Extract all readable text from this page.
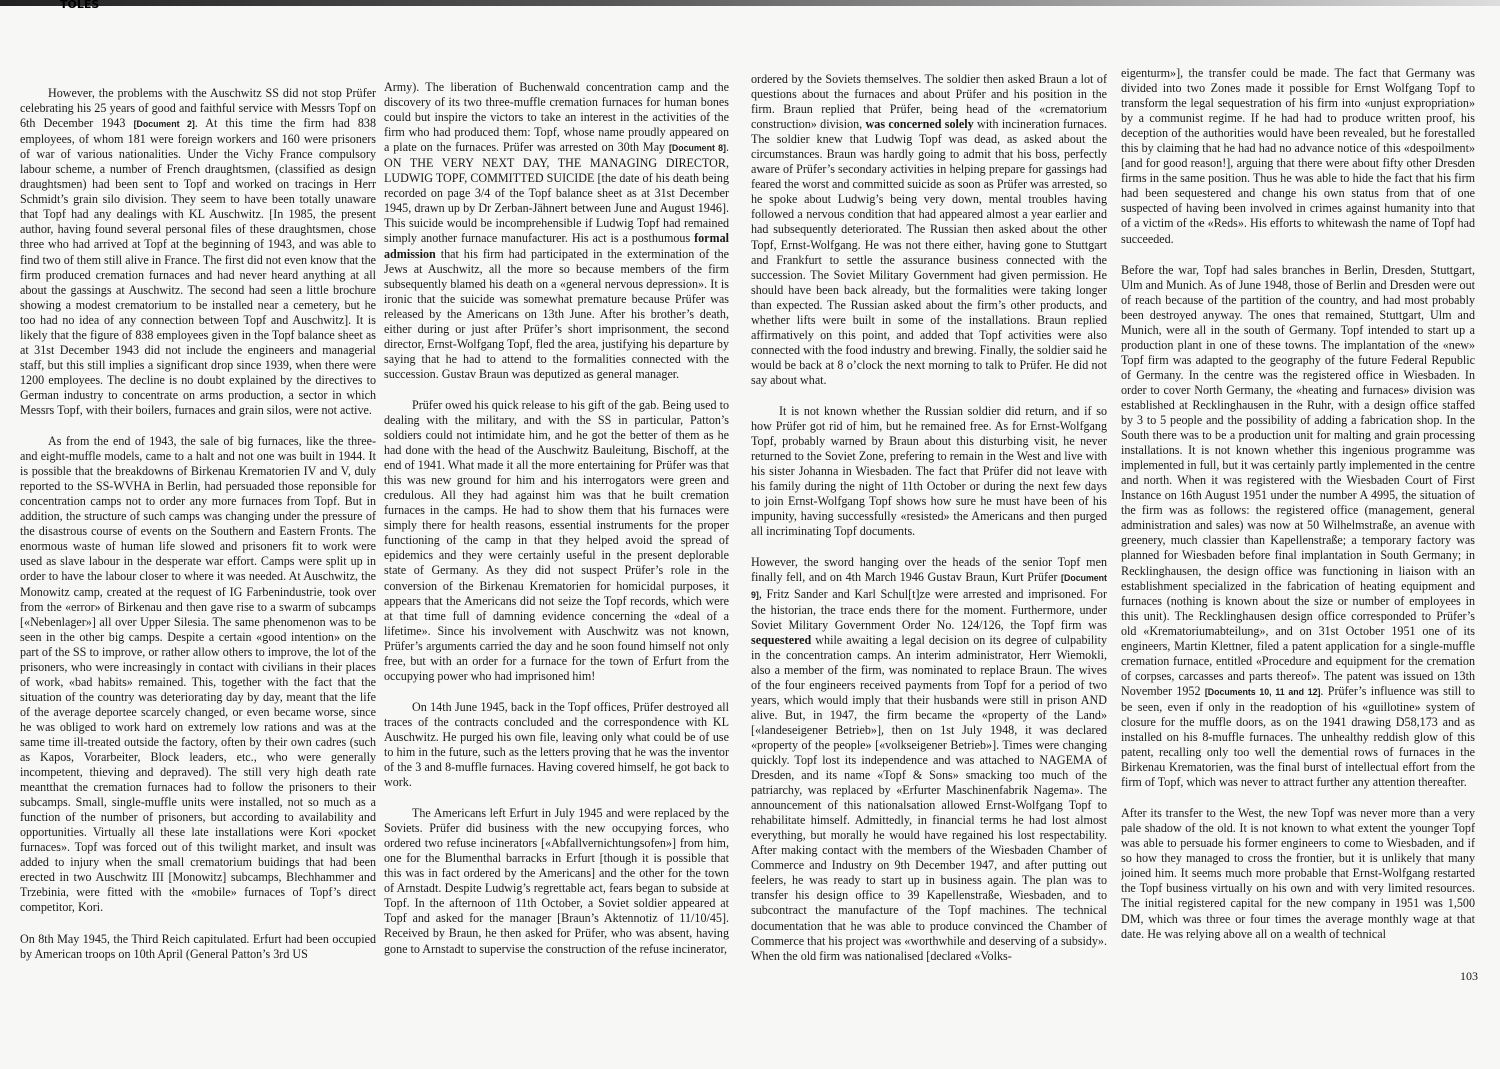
TOLES

However, the problems with the Auschwitz SS did not stop Prüfer celebrating his 25 years of good and faithful service with Messrs Topf on 6th December 1943 [Document 2]. At this time the firm had 838 employees, of whom 181 were foreign workers and 160 were prisoners of war of various nationalities. Under the Vichy France compulsory labour scheme, a number of French draughtsmen, (classified as design draughtsmen) had been sent to Topf and worked on tracings in Herr Schmidt’s grain silo division. They seem to have been totally unaware that Topf had any dealings with KL Auschwitz. [In 1985, the present author, having found several personal files of these draughtsmen, chose three who had arrived at Topf at the beginning of 1943, and was able to find two of them still alive in France. The first did not even know that the firm produced cremation furnaces and had never heard anything at all about the gassings at Auschwitz. The second had seen a little brochure showing a modest crematorium to be installed near a cemetery, but he too had no idea of any connection between Topf and Auschwitz]. It is likely that the figure of 838 employees given in the Topf balance sheet as at 31st December 1943 did not include the engineers and managerial staff, but this still implies a significant drop since 1939, when there were 1200 employees. The decline is no doubt explained by the directives to German industry to concentrate on arms production, a sector in which Messrs Topf, with their boilers, furnaces and grain silos, were not active.

As from the end of 1943, the sale of big furnaces, like the three- and eight-muffle models, came to a halt and not one was built in 1944. It is possible that the breakdowns of Birkenau Krematorien IV and V, duly reported to the SS-WVHA in Berlin, had persuaded those reponsible for concentration camps not to order any more furnaces from Topf. But in addition, the structure of such camps was changing under the pressure of the disastrous course of events on the Southern and Eastern Fronts. The enormous waste of human life slowed and prisoners fit to work were used as slave labour in the desperate war effort. Camps were split up in order to have the labour closer to where it was needed. At Auschwitz, the Monowitz camp, created at the request of IG Farbenindustrie, took over from the «error» of Birkenau and then gave rise to a swarm of subcamps [«Nebenlager»] all over Upper Silesia. The same phenomenon was to be seen in the other big camps. Despite a certain «good intention» on the part of the SS to improve, or rather allow others to improve, the lot of the prisoners, who were increasingly in contact with civilians in their places of work, «bad habits» remained. This, together with the fact that the situation of the country was deteriorating day by day, meant that the life of the average deportee scarcely changed, or even became worse, since he was obliged to work hard on extremely low rations and was at the same time ill-treated outside the factory, often by their own cadres (such as Kapos, Vorarbeiter, Block leaders, etc., who were generally incompetent, thieving and depraved). The still very high death rate meantthat the cremation furnaces had to follow the prisoners to their subcamps. Small, single-muffle units were installed, not so much as a function of the number of prisoners, but according to availability and opportunities. Virtually all these late installations were Kori «pocket furnaces». Topf was forced out of this twilight market, and insult was added to injury when the small crematorium buidings that had been erected in two Auschwitz III [Monowitz] subcamps, Blechhammer and Trzebinia, were fitted with the «mobile» furnaces of Topf’s direct competitor, Kori.

On 8th May 1945, the Third Reich capitulated. Erfurt had been occupied by American troops on 10th April (General Patton’s 3rd US

Army). The liberation of Buchenwald concentration camp and the discovery of its two three-muffle cremation furnaces for human bones could but inspire the victors to take an interest in the activities of the firm who had produced them: Topf, whose name proudly appeared on a plate on the furnaces. Prüfer was arrested on 30th May [Document 8]. ON THE VERY NEXT DAY, THE MANAGING DIRECTOR, LUDWIG TOPF, COMMITTED SUICIDE [the date of his death being recorded on page 3/4 of the Topf balance sheet as at 31st December 1945, drawn up by Dr Zerban-Jähnert between June and August 1946]. This suicide would be incomprehensible if Ludwig Topf had remained simply another furnace manufacturer. His act is a posthumous formal admission that his firm had participated in the extermination of the Jews at Auschwitz, all the more so because members of the firm subsequently blamed his death on a «general nervous depression». It is ironic that the suicide was somewhat premature because Prüfer was released by the Americans on 13th June. After his brother’s death, either during or just after Prüfer’s short imprisonment, the second director, Ernst-Wolfgang Topf, fled the area, justifying his departure by saying that he had to attend to the formalities connected with the succession. Gustav Braun was deputized as general manager.

Prüfer owed his quick release to his gift of the gab. Being used to dealing with the military, and with the SS in particular, Patton’s soldiers could not intimidate him, and he got the better of them as he had done with the head of the Auschwitz Bauleitung, Bischoff, at the end of 1941. What made it all the more entertaining for Prüfer was that this was new ground for him and his interrogators were green and credulous. All they had against him was that he built cremation furnaces in the camps. He had to show them that his furnaces were simply there for health reasons, essential instruments for the proper functioning of the camp in that they helped avoid the spread of epidemics and they were certainly useful in the present deplorable state of Germany. As they did not suspect Prüfer’s role in the conversion of the Birkenau Krematorien for homicidal purposes, it appears that the Americans did not seize the Topf records, which were at that time full of damning evidence concerning the «deal of a lifetime». Since his involvement with Auschwitz was not known, Prüfer’s arguments carried the day and he soon found himself not only free, but with an order for a furnace for the town of Erfurt from the occupying power who had imprisoned him!

On 14th June 1945, back in the Topf offices, Prüfer destroyed all traces of the contracts concluded and the correspondence with KL Auschwitz. He purged his own file, leaving only what could be of use to him in the future, such as the letters proving that he was the inventor of the 3 and 8-muffle furnaces. Having covered himself, he got back to work.

The Americans left Erfurt in July 1945 and were replaced by the Soviets. Prüfer did business with the new occupying forces, who ordered two refuse incinerators [«Abfallvernichtungsofen»] from him, one for the Blumenthal barracks in Erfurt [though it is possible that this was in fact ordered by the Americans] and the other for the town of Arnstadt. Despite Ludwig’s regrettable act, fears began to subside at Topf. In the afternoon of 11th October, a Soviet soldier appeared at Topf and asked for the manager [Braun’s Aktennotiz of 11/10/45]. Received by Braun, he then asked for Prüfer, who was absent, having gone to Arnstadt to supervise the construction of the refuse incinerator,

ordered by the Soviets themselves. The soldier then asked Braun a lot of questions about the furnaces and about Prüfer and his position in the firm. Braun replied that Prüfer, being head of the «crematorium construction» division, was concerned solely with incineration furnaces. The soldier knew that Ludwig Topf was dead, as asked about the circumstances. Braun was hardly going to admit that his boss, perfectly aware of Prüfer’s secondary activities in helping prepare for gassings had feared the worst and committed suicide as soon as Prüfer was arrested, so he spoke about Ludwig’s being very down, mental troubles having followed a nervous condition that had appeared almost a year earlier and had subsequently deteriorated. The Russian then asked about the other Topf, Ernst-Wolfgang. He was not there either, having gone to Stuttgart and Frankfurt to settle the assurance business connected with the succession. The Soviet Military Government had given permission. He should have been back already, but the formalities were taking longer than expected. The Russian asked about the firm’s other products, and whether lifts were built in some of the installations. Braun replied affirmatively on this point, and added that Topf activities were also connected with the food industry and brewing. Finally, the soldier said he would be back at 8 o’clock the next morning to talk to Prüfer. He did not say about what.

It is not known whether the Russian soldier did return, and if so how Prüfer got rid of him, but he remained free. As for Ernst-Wolfgang Topf, probably warned by Braun about this disturbing visit, he never returned to the Soviet Zone, prefering to remain in the West and live with his sister Johanna in Wiesbaden. The fact that Prüfer did not leave with his family during the night of 11th October or during the next few days to join Ernst-Wolfgang Topf shows how sure he must have been of his impunity, having successfully «resisted» the Americans and then purged all incriminating Topf documents.

However, the sword hanging over the heads of the senior Topf men finally fell, and on 4th March 1946 Gustav Braun, Kurt Prüfer [Document 9], Fritz Sander and Karl Schul[t]ze were arrested and imprisoned. For the historian, the trace ends there for the moment. Furthermore, under Soviet Military Government Order No. 124/126, the Topf firm was sequestered while awaiting a legal decision on its degree of culpability in the concentration camps. An interim administrator, Herr Wiemokli, also a member of the firm, was nominated to replace Braun. The wives of the four engineers received payments from Topf for a period of two years, which would imply that their husbands were still in prison AND alive. But, in 1947, the firm became the «property of the Land» [«landeseigener Betrieb»], then on 1st July 1948, it was declared «property of the people» [«volkseigener Betrieb»]. Times were changing quickly. Topf lost its independence and was attached to NAGEMA of Dresden, and its name «Topf & Sons» smacking too much of the patriarchy, was replaced by «Erfurter Maschinenfabrik Nagema». The announcement of this nationalsation allowed Ernst-Wolfgang Topf to rehabilitate himself. Admittedly, in financial terms he had lost almost everything, but morally he would have regained his lost respectability. After making contact with the members of the Wiesbaden Chamber of Commerce and Industry on 9th December 1947, and after putting out feelers, he was ready to start up in business again. The plan was to transfer his design office to 39 Kapellenstraße, Wiesbaden, and to subcontract the manufacture of the Topf machines. The technical documentation that he was able to produce convinced the Chamber of Commerce that his project was «worthwhile and deserving of a subsidy». When the old firm was nationalised [declared «Volks-

eigenturm»], the transfer could be made. The fact that Germany was divided into two Zones made it possible for Ernst Wolfgang Topf to transform the legal sequestration of his firm into «unjust expropriation» by a communist regime. If he had had to produce written proof, his deception of the authorities would have been revealed, but he forestalled this by claiming that he had had no advance notice of this «despoilment» [and for good reason!], arguing that there were about fifty other Dresden firms in the same position. Thus he was able to hide the fact that his firm had been sequestered and change his own status from that of one suspected of having been involved in crimes against humanity into that of a victim of the «Reds». His efforts to whitewash the name of Topf had succeeded.

Before the war, Topf had sales branches in Berlin, Dresden, Stuttgart, Ulm and Munich. As of June 1948, those of Berlin and Dresden were out of reach because of the partition of the country, and had most probably been destroyed anyway. The ones that remained, Stuttgart, Ulm and Munich, were all in the south of Germany. Topf intended to start up a production plant in one of these towns. The implantation of the «new» Topf firm was adapted to the geography of the future Federal Republic of Germany. In the centre was the registered office in Wiesbaden. In order to cover North Germany, the «heating and furnaces» division was established at Recklinghausen in the Ruhr, with a design office staffed by 3 to 5 people and the possibility of adding a fabrication shop. In the South there was to be a production unit for malting and grain processing installations. It is not known whether this ingenious programme was implemented in full, but it was certainly partly implemented in the centre and north. When it was registered with the Wiesbaden Court of First Instance on 16th August 1951 under the number A 4995, the situation of the firm was as follows: the registered office (management, general administration and sales) was now at 50 Wilhelmstraße, an avenue with greenery, much classier than Kapellenstraße; a temporary factory was planned for Wiesbaden before final implantation in South Germany; in Recklinghausen, the design office was functioning in liaison with an establishment specialized in the fabrication of heating equipment and furnaces (nothing is known about the size or number of employees in this unit). The Recklinghausen design office corresponded to Prüfer’s old «Krematoriumabteilung», and on 31st October 1951 one of its engineers, Martin Klettner, filed a patent application for a single-muffle cremation furnace, entitled «Procedure and equipment for the cremation of corpses, carcasses and parts thereof». The patent was issued on 13th November 1952 [Documents 10, 11 and 12]. Prüfer’s influence was still to be seen, even if only in the readoption of his «guillotine» system of closure for the muffle doors, as on the 1941 drawing D58,173 and as installed on his 8-muffle furnaces. The unhealthy reddish glow of this patent, recalling only too well the demential rows of furnaces in the Birkenau Krematorien, was the final burst of intellectual effort from the firm of Topf, which was never to attract further any attention thereafter.

After its transfer to the West, the new Topf was never more than a very pale shadow of the old. It is not known to what extent the younger Topf was able to persuade his former engineers to come to Wiesbaden, and if so how they managed to cross the frontier, but it is unlikely that many joined him. It seems much more probable that Ernst-Wolfgang restarted the Topf business virtually on his own and with very limited resources. The initial registered capital for the new company in 1951 was 1,500 DM, which was three or four times the average monthly wage at that date. He was relying above all on a wealth of technical

103
